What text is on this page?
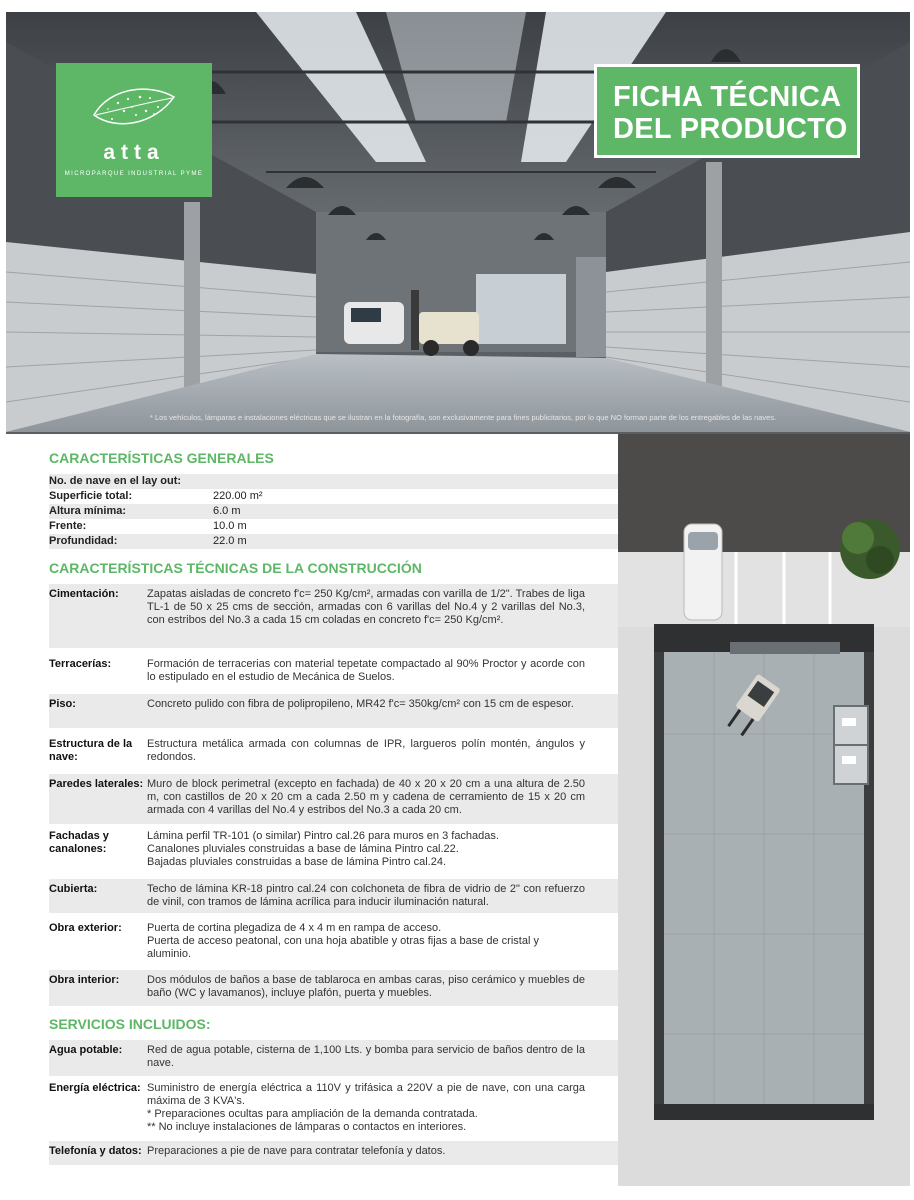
atta
MICROPARQUE INDUSTRIAL PYME
FICHA TÉCNICA
DEL PRODUCTO
* Los vehículos, lámparas e instalaciones eléctricas que se ilustran en la fotografía, son exclusivamente para fines publicitarios, por lo que NO forman parte de los entregables de las naves.
CARACTERÍSTICAS GENERALES
No. de nave en el lay out:
Superficie total:	220.00 m²
Altura mínima:	6.0 m
Frente:	10.0 m
Profundidad:	22.0 m
CARACTERÍSTICAS TÉCNICAS DE LA CONSTRUCCIÓN
Cimentación:	Zapatas aisladas de concreto f'c= 250 Kg/cm², armadas con varilla de 1/2". Trabes de liga TL-1 de 50 x 25 cms de sección, armadas con 6 varillas del No.4 y 2 varillas del No.3, con estribos del No.3 a cada 15 cm coladas en concreto f'c= 250 Kg/cm².
Terracerías:	Formación de terracerias con material tepetate compactado al 90% Proctor y acorde con lo estipulado en el estudio de Mecánica de Suelos.
Piso:	Concreto pulido con fibra de polipropileno, MR42 f'c= 350kg/cm² con 15 cm de espesor.
Estructura de la nave:
Estructura metálica armada con columnas de IPR, largueros polín montén, ángulos y redondos.
Paredes laterales: Muro de block perimetral (excepto en fachada) de 40 x 20 x 20 cm a una altura de 2.50 m, con castillos de 20 x 20 cm a cada 2.50 m y cadena de cerramiento de 15 x 20 cm armada con 4 varillas del No.4 y estribos del No.3 a cada 20 cm.
Fachadas y canalones:
Lámina perfil TR-101 (o similar) Pintro cal.26 para muros en 3 fachadas.
Canalones pluviales construidas a base de lámina Pintro cal.22.
Bajadas pluviales construidas a base de lámina Pintro cal.24.
Cubierta:	Techo de lámina KR-18 pintro cal.24 con colchoneta de fibra de vidrio de 2" con refuerzo de vinil, con tramos de lámina acrílica para inducir iluminación natural.
Obra exterior:	Puerta de cortina plegadiza de 4 x 4 m en rampa de acceso.
Puerta de acceso peatonal, con una hoja abatible y otras fijas a base de cristal y aluminio.
Obra interior:	Dos módulos de baños a base de tablaroca en ambas caras, piso cerámico y muebles de baño (WC y lavamanos), incluye plafón, puerta y muebles.
SERVICIOS INCLUIDOS:
Agua potable:	Red de agua potable, cisterna de 1,100 Lts. y bomba para servicio de baños dentro de la nave.
Energía eléctrica: Suministro de energía eléctrica a 110V y trifásica a 220V a pie de nave, con una carga máxima de 3 KVA's.
* Preparaciones ocultas para ampliación de la demanda contratada.
** No incluye instalaciones de lámparas o contactos en interiores.
Telefonía y datos: Preparaciones a pie de nave para contratar telefonía y datos.
